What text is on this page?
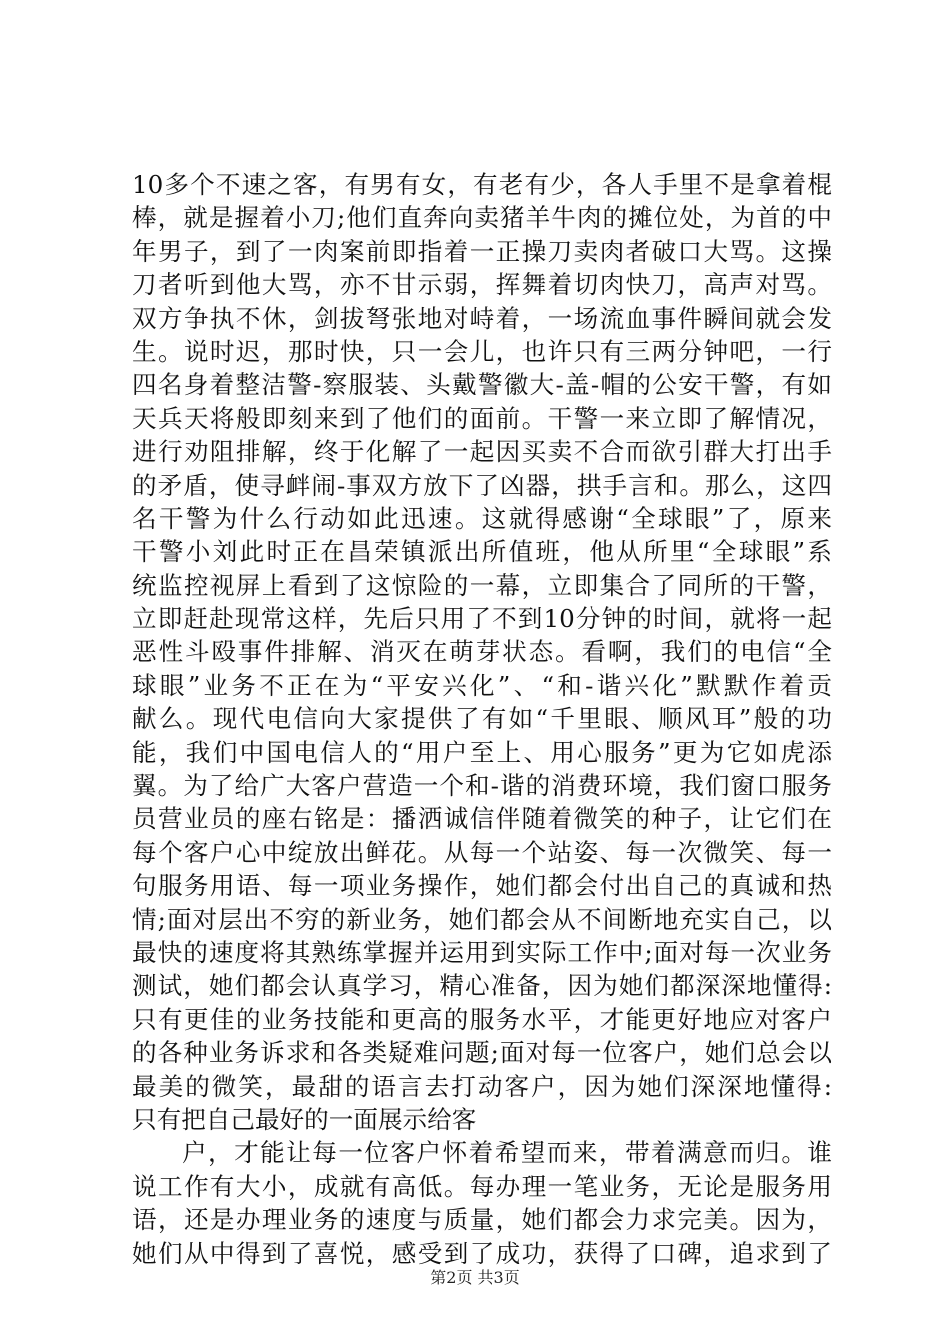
10多个不速之客，有男有女，有老有少，各人手里不是拿着棍
棒，就是握着小刀;他们直奔向卖猪羊牛肉的摊位处，为首的中
年男子，到了一肉案前即指着一正操刀卖肉者破口大骂。这操
刀者听到他大骂，亦不甘示弱，挥舞着切肉快刀，高声对骂。
双方争执不休，剑拔弩张地对峙着，一场流血事件瞬间就会发
生。说时迟，那时快，只一会儿，也许只有三两分钟吧，一行
四名身着整洁警-察服装、头戴警徽大-盖-帽的公安干警，有如
天兵天将般即刻来到了他们的面前。干警一来立即了解情况，
进行劝阻排解，终于化解了一起因买卖不合而欲引群大打出手
的矛盾，使寻衅闹-事双方放下了凶器，拱手言和。那么，这四
名干警为什么行动如此迅速。这就得感谢“全球眼”了，原来
干警小刘此时正在昌荣镇派出所值班，他从所里“全球眼”系
统监控视屏上看到了这惊险的一幕，立即集合了同所的干警，
立即赶赴现常这样，先后只用了不到10分钟的时间，就将一起
恶性斗殴事件排解、消灭在萌芽状态。看啊，我们的电信“全
球眼”业务不正在为“平安兴化”、“和-谐兴化”默默作着贡
献么。现代电信向大家提供了有如“千里眼、顺风耳”般的功
能，我们中国电信人的“用户至上、用心服务”更为它如虎添
翼。为了给广大客户营造一个和-谐的消费环境，我们窗口服务
员营业员的座右铭是：播洒诚信伴随着微笑的种子，让它们在
每个客户心中绽放出鲜花。从每一个站姿、每一次微笑、每一
句服务用语、每一项业务操作，她们都会付出自己的真诚和热
情;面对层出不穷的新业务，她们都会从不间断地充实自己，以
最快的速度将其熟练掌握并运用到实际工作中;面对每一次业务
测试，她们都会认真学习，精心准备，因为她们都深深地懂得:
只有更佳的业务技能和更高的服务水平，才能更好地应对客户
的各种业务诉求和各类疑难问题;面对每一位客户，她们总会以
最美的微笑，最甜的语言去打动客户，因为她们深深地懂得:
只有把自己最好的一面展示给客
户，才能让每一位客户怀着希望而来，带着满意而归。谁
说工作有大小，成就有高低。每办理一笔业务，无论是服务用
语，还是办理业务的速度与质量，她们都会力求完美。因为，
她们从中得到了喜悦，感受到了成功，获得了口碑，追求到了
第2页 共3页
